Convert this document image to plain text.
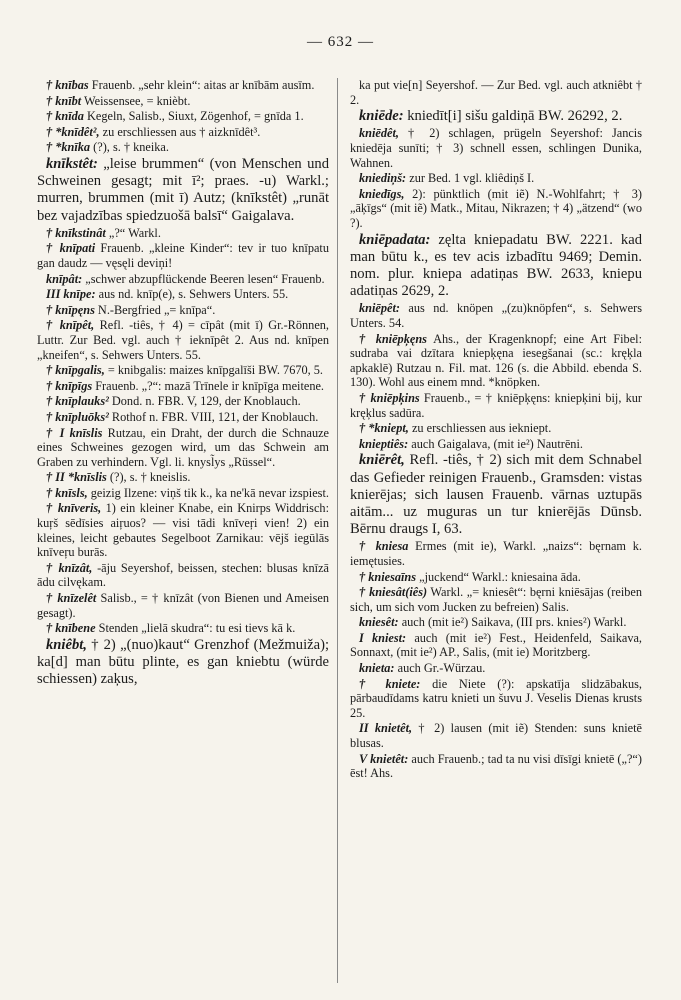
— 632 —

† knības Frauenb. „sehr klein“: aitas ar knībām ausīm.

† knībt Weissensee, = knièbt.

† knīda Kegeln, Salisb., Siuxt, Zögenhof, = gnīda 1.

† *knīdêt², zu erschliessen aus † aizknīdêt³.

† *knīka (?), s. † kneika.

knīkstêt: „leise brummen“ (von Menschen und Schweinen gesagt; mit ī²; praes. -u) Warkl.; murren, brummen (mit ī) Autz; (knīkstêt) „runāt bez vajadzības spiedzuošā balsī“ Gaigalava.

† knīkstinât „?“ Warkl.

† knīpati Frauenb. „kleine Kinder“: tev ir tuo knīpatu gan daudz — vęsęli deviņi!

knīpât: „schwer abzupflückende Beeren lesen“ Frauenb.

III knīpe: aus nd. knīp(e), s. Sehwers Unters. 55.

† knīpęns N.-Bergfried „= knīpa“.

† knīpêt, Refl. -tiês, † 4) = cīpât (mit ī) Gr.-Rönnen, Luttr. Zur Bed. vgl. auch † ieknīpêt 2. Aus nd. knīpen „kneifen“, s. Sehwers Unters. 55.

† knīpgalis, = knibgalis: maizes knīpgalīši BW. 7670, 5.

† knīpīgs Frauenb. „?“: mazā Trīnele ir knīpīga meitene.

† knīplauks² Dond. n. FBR. V, 129, der Knoblauch.

† knīpluōks² Rothof n. FBR. VIII, 121, der Knoblauch.

† I knīslis Rutzau, ein Draht, der durch die Schnauze eines Schweines gezogen wird, um das Schwein am Graben zu verhindern. Vgl. li. knysl̃ys „Rüssel“.

† II *knīslis (?), s. † kneislis.

† knīsls, geizig Ilzene: viņš tik k., ka ne'kā nevar izspiest.

† knīveris, 1) ein kleiner Knabe, ein Knirps Widdrisch: kuŗš sēdīsies aiŗuos? — visi tādi knīveŗi vien! 2) ein kleines, leicht gebautes Segelboot Zarnikau: vējš iegūlās knīveŗu burās.

† knīzât, -āju Seyershof, beissen, stechen: blusas knīzā ādu cilvękam.

† knīzelêt Salisb., = † knīzât (von Bienen und Ameisen gesagt).

† knībene Stenden „lielā skudra“: tu esi tievs kā k.

kniêbt, † 2) „(nuo)kaut“ Grenzhof (Mežmuiža); ka[d] man būtu plinte, es gan kniebtu (würde schiessen) zaķus,

ka put vie[n] Seyershof. — Zur Bed. vgl. auch atkniêbt † 2.

kniēde: kniedīt[i] sišu galdiņā BW. 26292, 2.

kniēdêt, † 2) schlagen, prügeln Seyershof: Jancis kniedēja sunīti; † 3) schnell essen, schlingen Dunika, Wahnen.

kniediņš: zur Bed. 1 vgl. kliêdiņš I.

kniedīgs, 2): pünktlich (mit iẽ) N.-Wohlfahrt; † 3) „āķīgs“ (mit iẽ) Matk., Mitau, Nikrazen; † 4) „ätzend“ (wo ?).

kniēpadata: zęlta kniepadatu BW. 2221. kad man būtu k., es tev acis izbadītu 9469; Demin. nom. plur. kniepa adatiņas BW. 2633, kniepu adatiņas 2629, 2.

kniēpêt: aus nd. knöpen „(zu)knöpfen“, s. Sehwers Unters. 54.

† kniēpķęns Ahs., der Kragenknopf; eine Art Fibel: sudraba vai dzītara kniepķęna iesegšanai (sc.: kręķla apkaklē) Rutzau n. Fil. mat. 126 (s. die Abbild. ebenda S. 130). Wohl aus einem mnd. *knöpken.

† kniēpķins Frauenb., = † kniēpķęns: kniepķini bij, kur kręķlus sadūra.

† *kniept, zu erschliessen aus iekniept.

knieptiês: auch Gaigalava, (mit ie²) Nautrēni.

kniērêt, Refl. -tiês, † 2) sich mit dem Schnabel das Gefieder reinigen Frauenb., Gramsden: vistas knierējas; sich lausen Frauenb. vārnas uztupās aitām... uz muguras un tur knierējās Dūnsb. Bērnu draugs I, 63.

† kniesa Ermes (mit ie), Warkl. „naizs“: bęrnam k. iemętusies.

† kniesaīns „juckend“ Warkl.: kniesaina āda.

† kniesât(iês) Warkl. „= kniesêt“: bęrni kniēsājas (reiben sich, um sich vom Jucken zu befreien) Salis.

kniesêt: auch (mit ie²) Saikava, (III prs. knies²) Warkl.

I kniest: auch (mit ie²) Fest., Heidenfeld, Saikava, Sonnaxt, (mit ie²) AP., Salis, (mit ie) Moritzberg.

knieta: auch Gr.-Würzau.

† kniete: die Niete (?): apskatīja slidzābakus, pārbaudīdams katru knieti un šuvu J. Veselis Dienas krusts 25.

II knietêt, † 2) lausen (mit iẽ) Stenden: suns knietē blusas.

V knietêt: auch Frauenb.; tad ta nu visi dīsīgi knietē („?“) ēst! Ahs.
